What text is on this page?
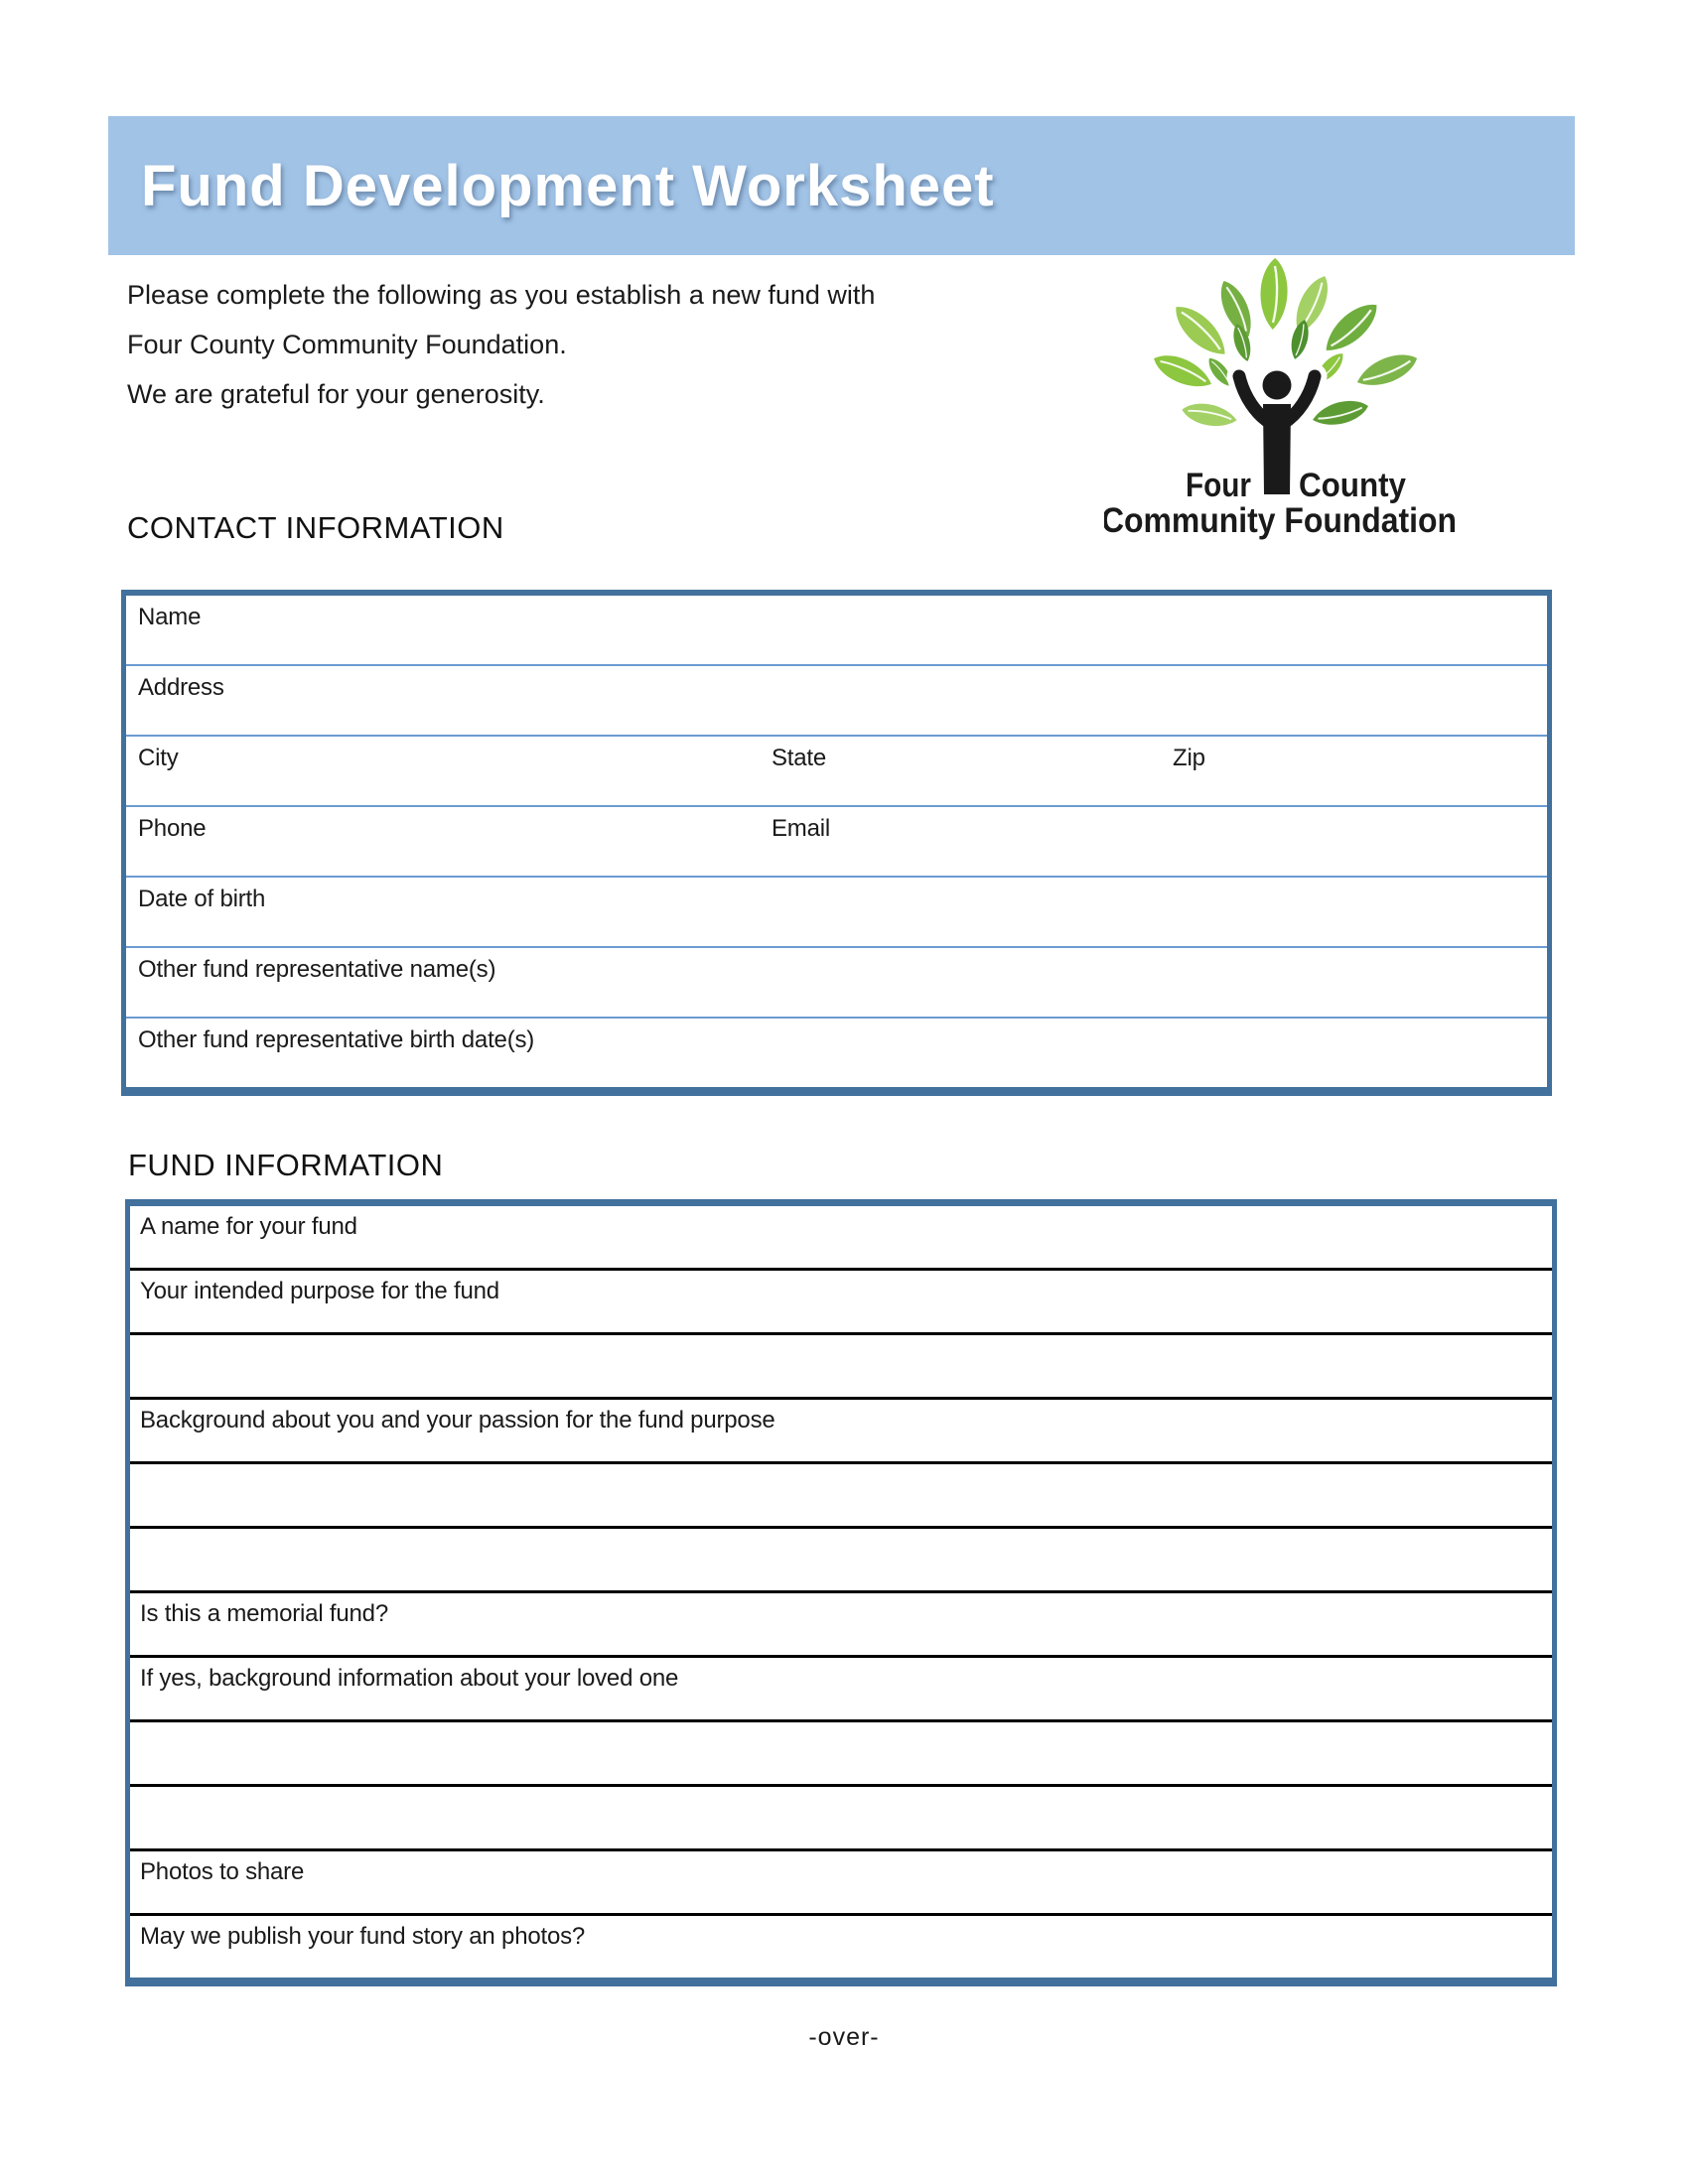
Fund Development Worksheet
Please complete the following as you establish a new fund with
Four County Community Foundation.
We are grateful for your generosity.
Four County
Community Foundation
CONTACT INFORMATION
Name
Address
City	State	Zip
Phone	Email
Date of birth
Other fund representative name(s)
Other fund representative birth date(s)
FUND INFORMATION
A name for your fund
Your intended purpose for the fund
Background about you and your passion for the fund purpose
Is this a memorial fund?
If yes, background information about your loved one
Photos to share
May we publish your fund story an photos?
-over-
